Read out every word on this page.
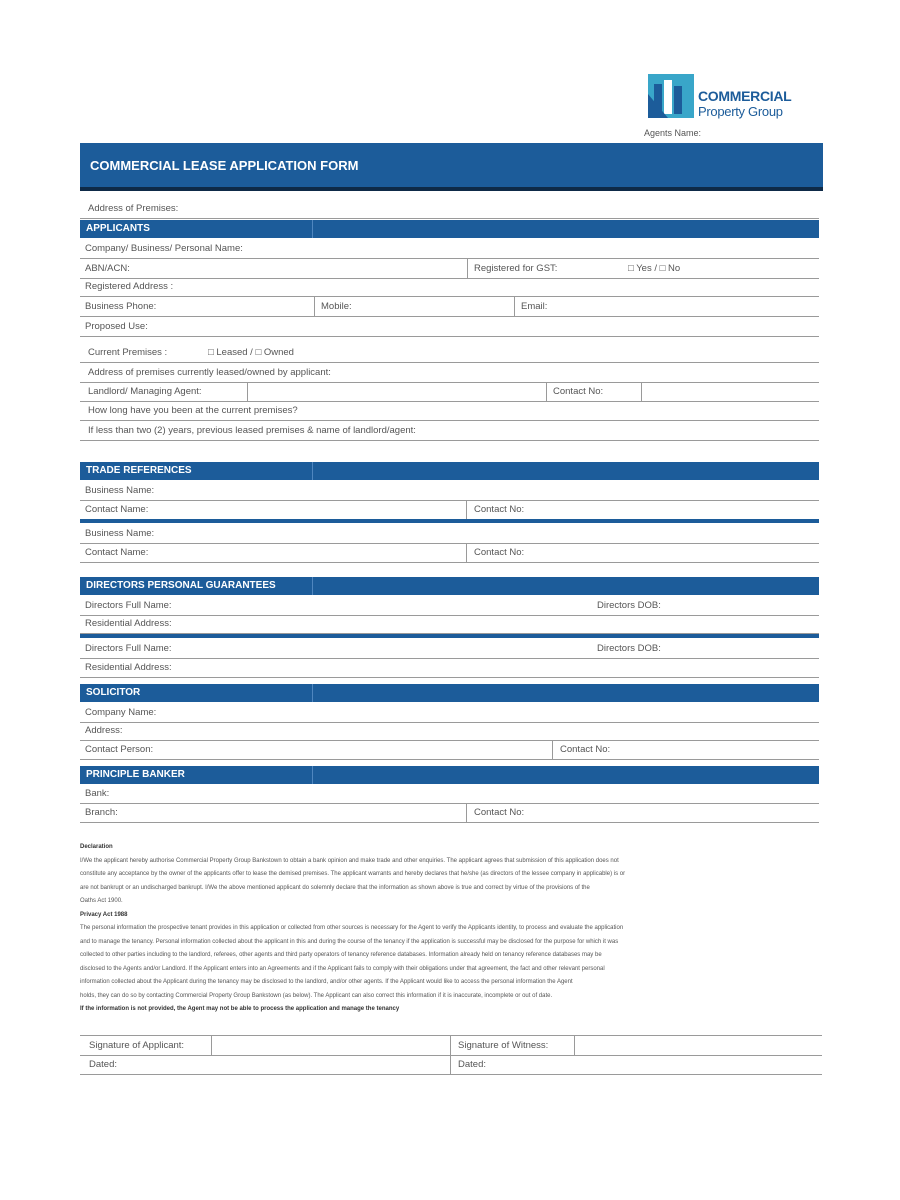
COMMERCIAL
Property Group
Agents Name:
COMMERCIAL LEASE APPLICATION FORM
Address of Premises:
APPLICANTS
Company/ Business/ Personal Name:
ABN/ACN:	Registered for GST:	□ Yes / □ No
Registered Address :
Business Phone:	Mobile:	Email:
Proposed Use:
Current Premises :	□ Leased / □ Owned
Address of premises currently leased/owned by applicant:
Landlord/ Managing Agent:	Contact No:
How long have you been at the current premises?
If less than two (2) years, previous leased premises & name of landlord/agent:
TRADE REFERENCES
Business Name:
Contact Name:	Contact No:
Business Name:
Contact Name:	Contact No:
DIRECTORS PERSONAL GUARANTEES
Directors Full Name:	Directors DOB:
Residential Address:
Directors Full Name:	Directors DOB:
Residential Address:
SOLICITOR
Company Name:
Address:
Contact Person:	Contact No:
PRINCIPLE BANKER
Bank:
Branch:	Contact No:
Declaration
I/We the applicant hereby authorise Commercial Property Group Bankstown to obtain a bank opinion and make trade and other enquiries. The applicant agrees that submission of this application does not
constitute any acceptance by the owner of the applicants offer to lease the demised premises. The applicant warrants and hereby declares that he/she (as directors of the lessee company in applicable) is or
are not bankrupt or an undischarged bankrupt. I/We the above mentioned applicant do solemnly declare that the information as shown above is true and correct by virtue of the provisions of the
Oaths Act 1900.
Privacy Act 1988
The personal information the prospective tenant provides in this application or collected from other sources is necessary for the Agent to verify the Applicants identity, to process and evaluate the application
and to manage the tenancy. Personal information collected about the applicant in this and during the course of the tenancy if the application is successful may be disclosed for the purpose for which it was
collected to other parties including to the landlord, referees, other agents and third party operators of tenancy reference databases. Information already held on tenancy reference databases may be
disclosed to the Agents and/or Landlord. If the Applicant enters into an Agreements and if the Applicant fails to comply with their obligations under that agreement, the fact and other relevant personal
information collected about the Applicant during the tenancy may be disclosed to the landlord, and/or other agents. If the Applicant would like to access the personal information the Agent
holds, they can do so by contacting Commercial Property Group Bankstown (as below). The Applicant can also correct this information if it is inaccurate, incomplete or out of date.
If the information is not provided, the Agent may not be able to process the application and manage the tenancy
Signature of Applicant:	Signature of Witness:
Dated:	Dated:
